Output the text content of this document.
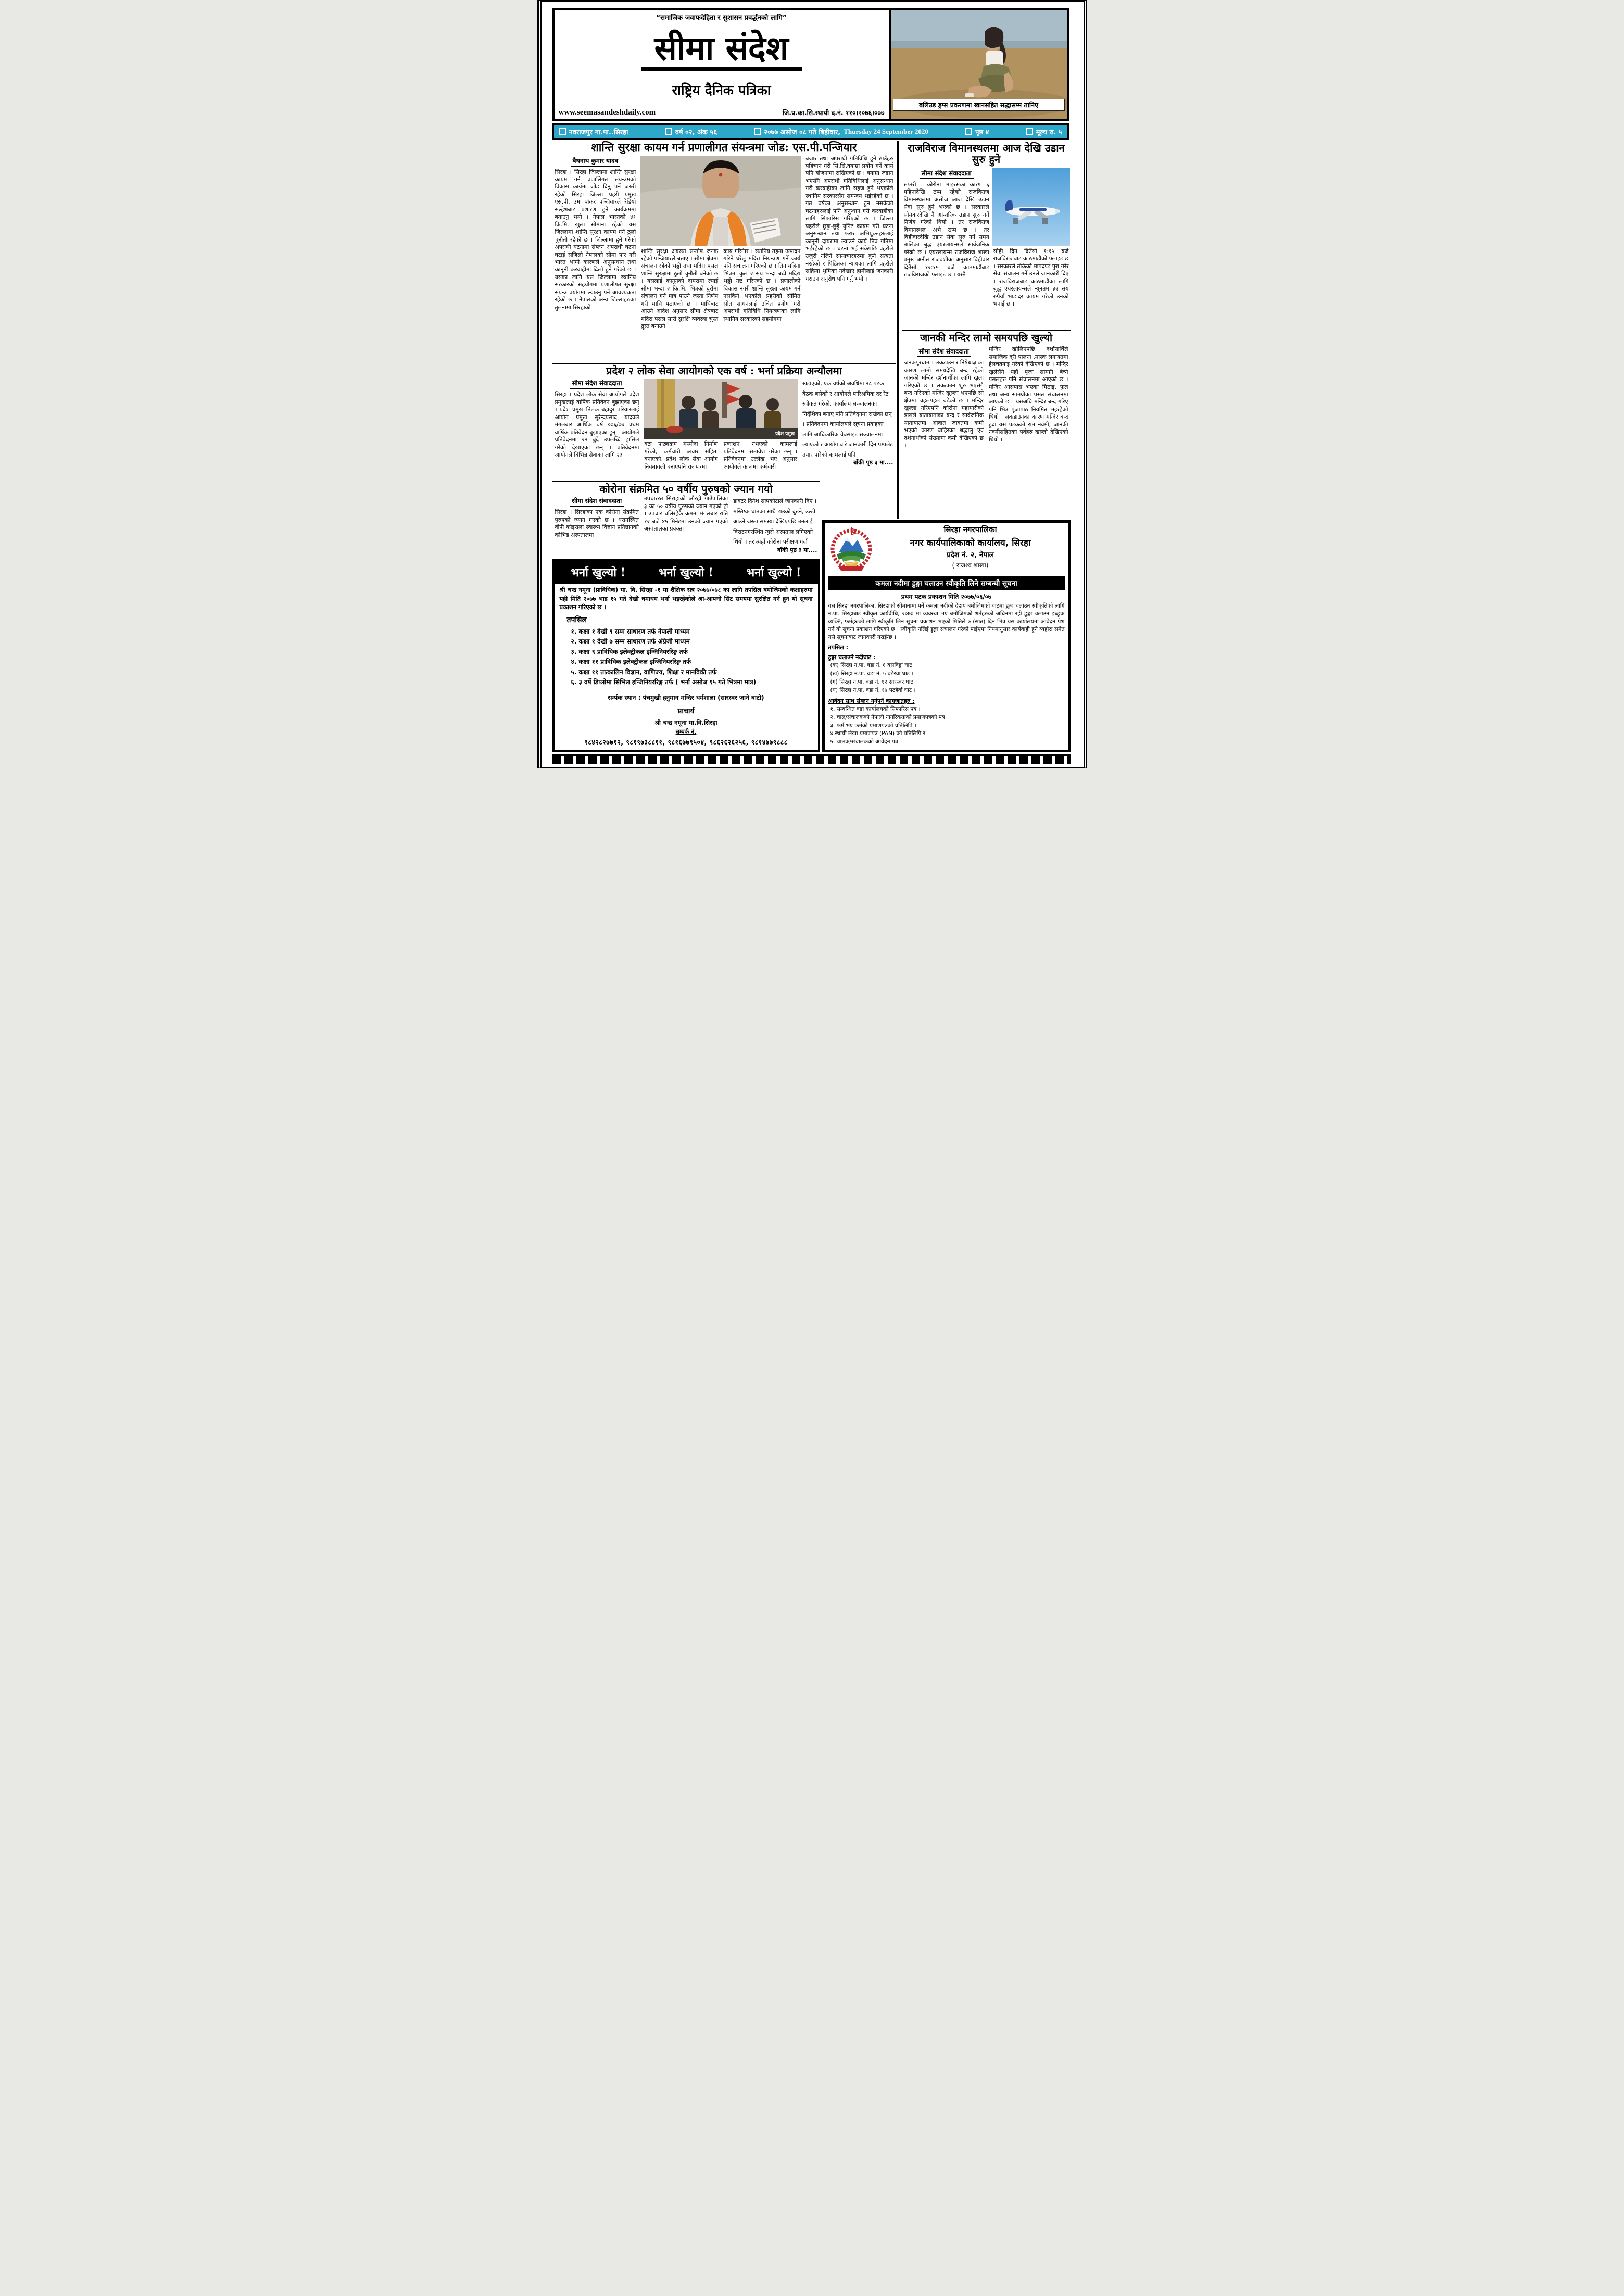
“समाजिक जवाफदेहिता र सुशासन प्रवर्द्धनको लागि”
सीमा संदेश
राष्ट्रिय दैनिक पत्रिका
www.seemasandeshdaily.com	जि.प्र.का.सि.स्थायी द.नं. ११०।२०७६।०७७
बलिउड ड्रग्स प्रकरणमा खानसहित सद्धासम्म तानिए
नवराजपुर गा.पा..सिरहा	वर्ष ०२, अंक ५६	२०७७ असोज ०८ गते बिहीवार, Thursday 24 September 2020	पृष्ठ ४	मूल्य रु. ५
शान्ति सुरक्षा कायम गर्न प्रणालीगत संयन्त्रमा जोड: एस.पी.पन्जियार
बैधनाथ कुमार यादव
सिरहा । सिरहा जिल्लामा शान्ति सुरक्षा कायम गर्न प्रणालिगत संयन्त्रमको विकास कार्यमा जोड दिनु पर्ने जरुरी रहेको सिरहा जिल्ला प्रहरी प्रमुख एस.पी. उमा शंकर पन्जियारले रेडियो सल्हेशबाट प्रशारण हुने कार्यक्रममा बताउनु भयो । नेपाल भारतको ४१ कि.मि. खुला सीमाना रहेको यस जिल्लामा शान्ति सुरक्षा कायम गर्न ठुलो चुनौती रहेको छ । जिल्लामा हुने गरेको अपराधी घटनामा संग्लन अपराधी घटना घटाई सजिलो नेपालको सीमा पार गरी भारत भाग्ने कारणले अनुसन्धान तथा कानूनी करवाहीमा ढिलो हुने गरेको छ । यसका लागि यस जिल्लामा स्थानिय सरकारको सहयोगमा प्रणालीगत सुरक्षा संयन्त्र प्रयोगमा ल्याउनु पर्ने आवश्यकता रहेको छ । नेपालको अन्य जिल्लाहरुका तुलनामा सिरहाको
शान्ति सुरक्षा अवस्था सन्तोष जनक रहेको पन्जियारले बताए । सीमा क्षेत्रमा संचालन रहेको भठ्ठी तथा मदिरा पसल शान्ति सुरक्षामा ठुलो चुनौती बनेको छ । यसलाई कानूनको दायरामा ल्याई सीमा भन्दा २ कि.मि. भित्रको दुरीमा संचालन गर्न मात्र पाउने जस्ता निर्णय गरी माथि पठाएको छ । माथिबाट आउने आदेश अनुसार सीमा क्षेत्रबाट मदिरा पसल सारी सुरक्षि व्यवस्था चुस्त द्रुस्त बनाउने
काय गरिनेछ । स्थानिय तहमा उत्पादन गरिने घरेलु मदिरा नियन्त्रण गर्ने कार्य पनि संचालन गरिएको छ । तिन महिना भित्रमा कुल २ सय भन्दा बढी मदिरा भठ्ठी नष्ट गरिएको छ । प्रणालीको विकास नगरी शान्ति सुरक्षा कायम गर्न नसकिने भएकोले प्रहरीको सीमित स्रोत साधनलाई उचित प्रयोग गरी अपराधी गतिविधि नियन्त्रणका लागि स्थानिय सरकारको सहयोगमा
बजार तथा अपराधी गतिविधि हुने ठाउँहरु पहिचान गरी सि.सि.क्याम्रा प्रयोग गर्ने कार्य पनि योजनामा राखिएको छ । क्याम्रा जडान भएसँगै अपराधी गतिविधिलाई अनुसन्धान गरी करवाहीका लागि सहज हुने भएकोले स्थानिय सरकारसँग समन्वय भईरहेको छ । गत वर्षका अनुसन्धान हुन नसकेको घटनाहरुलाई पनि अनुन्धान गरी करवाहीका लागि सिफारिस गरिएको छ । जिल्ला प्रहरीले छुट्टा-छुट्टै युनिट कायम गरी घटना अनुसन्धान तथा फरार अभियुक्तहरुलाई कानूनी दायरामा ल्याउने कार्य तिव्र गतिमा भईरहेको छ । घटना भई सकेपछि प्रहरीले उजुरी नलिने सामाचारहरुमा कुनै सत्यता नरहेको र पिडितका न्यायका लागि प्रहरीले सक्रिया भुमिका नदेखाए हामीलाई जनकारी गराउन अनुरोध पनि गर्नु भयो ।
प्रदेश २ लोक सेवा आयोगको एक वर्ष : भर्ना प्रक्रिया अन्यौलमा
सीमा संदेश संवाददाता
सिरहा । प्रदेश लोक सेवा आयोगले प्रदेश प्रमुखलाई वार्षिक प्रतिवेदन बुझाएका छन् । प्रदेश प्रमुख तिलक बहादुर परियारलाई आयोग प्रमुख सुरेन्द्रप्रसाद यादवले मंगलबार आर्थिक वर्ष ०७६/७७ प्रथम वार्षिक प्रतिवेदन बुझाएका हुन् । आयोगले प्रतिवेदनमा २२ बुंदे उपलब्धि हासिल गरेको देखाएका छन् । प्रतिवेदनमा आयोगले विभिन्न सेवाका लागि २३
प्रदेश प्रमुख
वटा पाठ्यक्रम मस्यौदा निर्माण गरेको, कर्मचारी अचार संहिता बनाएको, प्रदेश लोक सेवा आयोग नियमावली बनाएपनि राजपत्रमा
प्रकाशन नभएको कामलाई प्रतिवेदनमा समावेश गरेका छन् । प्रतिवेदनमा उल्लेख भए अनुसार आयोगले काजमा कर्मचारी
खटाएको, एक वर्षको अवधिमा २८ पटक बैठक बसेको र आयोगले पारिश्रमिक दर रेट स्वीकृत गरेको, कार्यालय सञ्चालनका निर्देशिका बनाए पनि प्रतिवेदनमा राखेका छन् । प्रतिवेदनमा कार्यालयले सूचना प्रवाहका लागि आधिकारिक वेबसाइट सञ्चालनमा ल्याएको र आयोग बारे जानकारी दिन पम्पलेट तयार पारेको कामलाई पनि
बाँकी पृष्ठ ३ मा....
राजविराज विमानस्थलमा आज देखि उडान सुरु हुने
सीमा संदेश संवाददाता
सप्तरी । कोरोना भाइरसका कारण ६ महिनादेखि ठप्प रहेको राजविराज विमानस्थलमा असोज आज देखि उडान सेवा सुरु हुने भएको छ । सरकारले सोमवारदेखि नै आन्तरिक उडान सुरु गर्ने निर्णय गरेको थियो । तर राजविराज विमानस्थल अभै ठप्प छ । तर बिहीवारदेखि उडान सेवा सुरु गर्ने समय तालिका बुद्ध एयरलायन्सले सार्वजनिक गरेको छ । एयरलायन्स राजविराज शाखा प्रमुख अनील राजवंशीका अनुसार बिहीवार दिउँसो १२:१५ बजे काठमाडौंबाट राजविराजको फ्लाइट छ । यस्तै
सोही दिन दिउँसो १:१५ बजे राजविराजबाट काठमाडौंको फ्लाइट छ । सरकारले तोकेको मापदण्ड पुरा गरेर सेवा संचालन गर्ने उनले जानकारी दिए । राजविराजबाट काठमाडौंका लागि बुद्ध एयरलायन्सले न्यूनतम ३२ सय रुपैयाँ भाडादर कायम गरेको उनको भनाई छ ।
जानकी मन्दिर लामो समयपछि खुल्यो
सीमा संदेश संवाददाता
जनकपुरधाम । लकडाउन र निषेधाज्ञाका कारण लामो समयदेखि बन्द रहेको जानकी मन्दिर दर्शनार्थीका लागि खुला गरिएको छ । लकडाउन शुरु भएसंगै बन्द गरिएको मन्दिर खुल्ला भएपछि सो क्षेत्रमा चहलपहल बढेको छ । मन्दिर खुल्ला गरिएपनि कोरोना महामारीको त्रासले यातायाताका बन्द र सार्वजनिक यातायातमा आवात जावतमा कमी भएको कारण बाहिरका श्रद्धालु एवं दर्शनार्थीको संख्यामा कमी देखिएको छ ।
मन्दिर खोलिएपछि दर्शानार्थिले समाजिक दूरी पालना ,मास्क लगायतमा हेलचक्र्याइ गरेको देखिएको छ । मन्दिर खुलेसँगै यहाँ पूजा सामग्री बेच्ने पसलहरु पनि संचालनमा आएको छ । मन्दिर आसपास भएका मिठाइ, फुल तथा अन्य सामग्रीका पसल संचालनमा आएको छ । यसअघि मन्दिर बन्द गरिए पनि भित्र पूजापाठ नियमित भइरहेको थियो । लकडाउनका कारण मन्दिर बन्द हुदा यस पटकको राम नवमी, जानकी नवमीसहितका पर्वहरु खल्लो देखिएको थियो ।
कोरोना संक्रमित ५० वर्षीय पुरुषको ज्यान गयो
सीमा संदेश संवाददाता
सिरहा । सिरहाका एक कोरोना संक्रमित पुरुषको ज्यान गएको छ । धरानस्थित वीपी कोइराला स्वास्थ्य विज्ञान प्रतिष्ठानको कोभिड अस्पतालमा
उपचाररत सिराहाको औरही गाउँपालिका ३ का ५० वर्षीय पुरुषको ज्यान गएको हो । उपचार चलिरहेकै क्रममा मंगलबार राति १२ बजे ४५ मिनेटमा उनको ज्यान गएको अस्पतालका प्रवक्ता
डाक्टर दिनेश सापकोटाले जानकारी दिए । मस्तिष्क घातका साथै टाउको दुख्ने, उल्टी आउने जस्ता समस्या देखिएपछि उनलाई विराटनगरस्थित न्युरो अस्पताल लगिएको थियो । तर त्यहाँ कोरोना परीक्षण गर्दा
बाँकी पृष्ठ ३ मा....
भर्ना खुल्यो !	भर्ना खुल्यो !	भर्ना खुल्यो !
श्री चन्द्र नमूना (प्राविधिक) मा. वि. सिरहा -१ मा शैक्षिक सत्र २०७७/०७८ का लागि तपसिल बमोजिमको कक्षाहरुमा यही मिति २०७७ भाद्र १५ गते देखी धमाधम भर्ना भइरहेकोले आ-आफ्नो सिट समयमा सुरक्षित गर्न हुन यो सूचना प्रकाशन गरिएको छ ।
तपसिल
१. कक्षा १ देखी ९ सम्म साधारण तर्फ नेपाली माध्यम
२. कक्षा १ देखी ७ सम्म साधारण तर्फ अंग्रेजी माध्यम
३. कक्षा ९ प्राविधिक इलेक्ट्रीकल इन्जिनियररिङ्ग तर्फ
४. कक्षा ११ प्राविधिक इलेक्ट्रीकल इन्जिनियररिङ्ग तर्फ
५. कक्षा ११ तात्कालिन विज्ञान, वाणिज्य, शिक्षा र मानविकी तर्फ
६. ३ वर्षे डिप्लोमा सिभिल इन्जिनियररिङ्ग तर्फ ( भर्ना असोज १५ गते भित्रमा मात्र)
सर्म्पक स्थान : पंचमुखी हनुमान मन्दिर धर्मशाला (सारस्वर जाने बाटो)
प्राचार्य
श्री चन्द्र नमूना मा.वि.सिरहा
सम्पर्क नं.
९८४२८२७७१२, ९८१९७३८८११, ९८१६७७९५०४, ९८६२६२६२५६, ९८१४७७९८८८
सिरहा नगरपालिका
नगर कार्यपालिकाको कार्यालय, सिरहा
प्रदेश नं. २, नेपाल
( राजश्व शाखा)
कमला नदीमा डुङ्गा चलाउन स्वीकृति लिने सम्बन्धी सूचना
प्रथम पटक प्रकाशन मिति २०७७/०६/०७
यस सिरहा नगरपालिका, सिरहाको सीमानामा पर्ने कमला नदीको देहाय बमोजिमको घाटमा डुङ्गा चलाउन स्वीकृतिको लागि न.पा. सिरहाबाट स्वीकृत कार्यवीधि, २०७७ मा व्यवस्था भए बमोजिमको शर्तहरुको अधिनमा रही डुङ्गा चलाउन इच्छुक व्यक्ति, फर्महरुको लागि स्वीकृति लिन सूचना प्रकाशन भएको मितिले ७ (सात) दिन भित्र यस कार्यालयमा आवेदन पेश गर्न यो सूचना प्रकाशन गरिएको छ । स्वीकृति नलिई डुङ्गा संचालन गरेको पाईएमा नियमानुसार कार्यवाही हुने व्यहोरा समेत यसै सूचनाबाट जानकारी गराईन्छ ।
तपसिल :
डुङ्गा चलाउने नदीघाट :
(क) सिरहा न.पा. वडा नं. ६ बसविट्टा घाट ।
(ख) सिरहा न.पा. वडा नं. ५ बडेरवा घाट ।
(ग) सिरहा न.पा. वडा नं. १२ सारस्वर घाट ।
(घ) सिरहा न.पा. वडा नं. १७ पटहेर्वा घाट ।
आवेदन साथ संग्लन गर्नुपर्ने कागजातहरु :
१. सम्बन्धित वडा कार्यालयको सिफारिस पत्र ।
२. चाल/संचालकको नेपाली नागरिकताको प्रमाणपत्रको पत्र ।
३. फर्म भए फर्मको प्रमाणपत्रको प्रतिलिपि ।
४.स्थायी लेखा प्रमाणपत्र (PAN) को प्रतिलिपि र
५. चालक/संचालकको आवेदन पत्र ।
